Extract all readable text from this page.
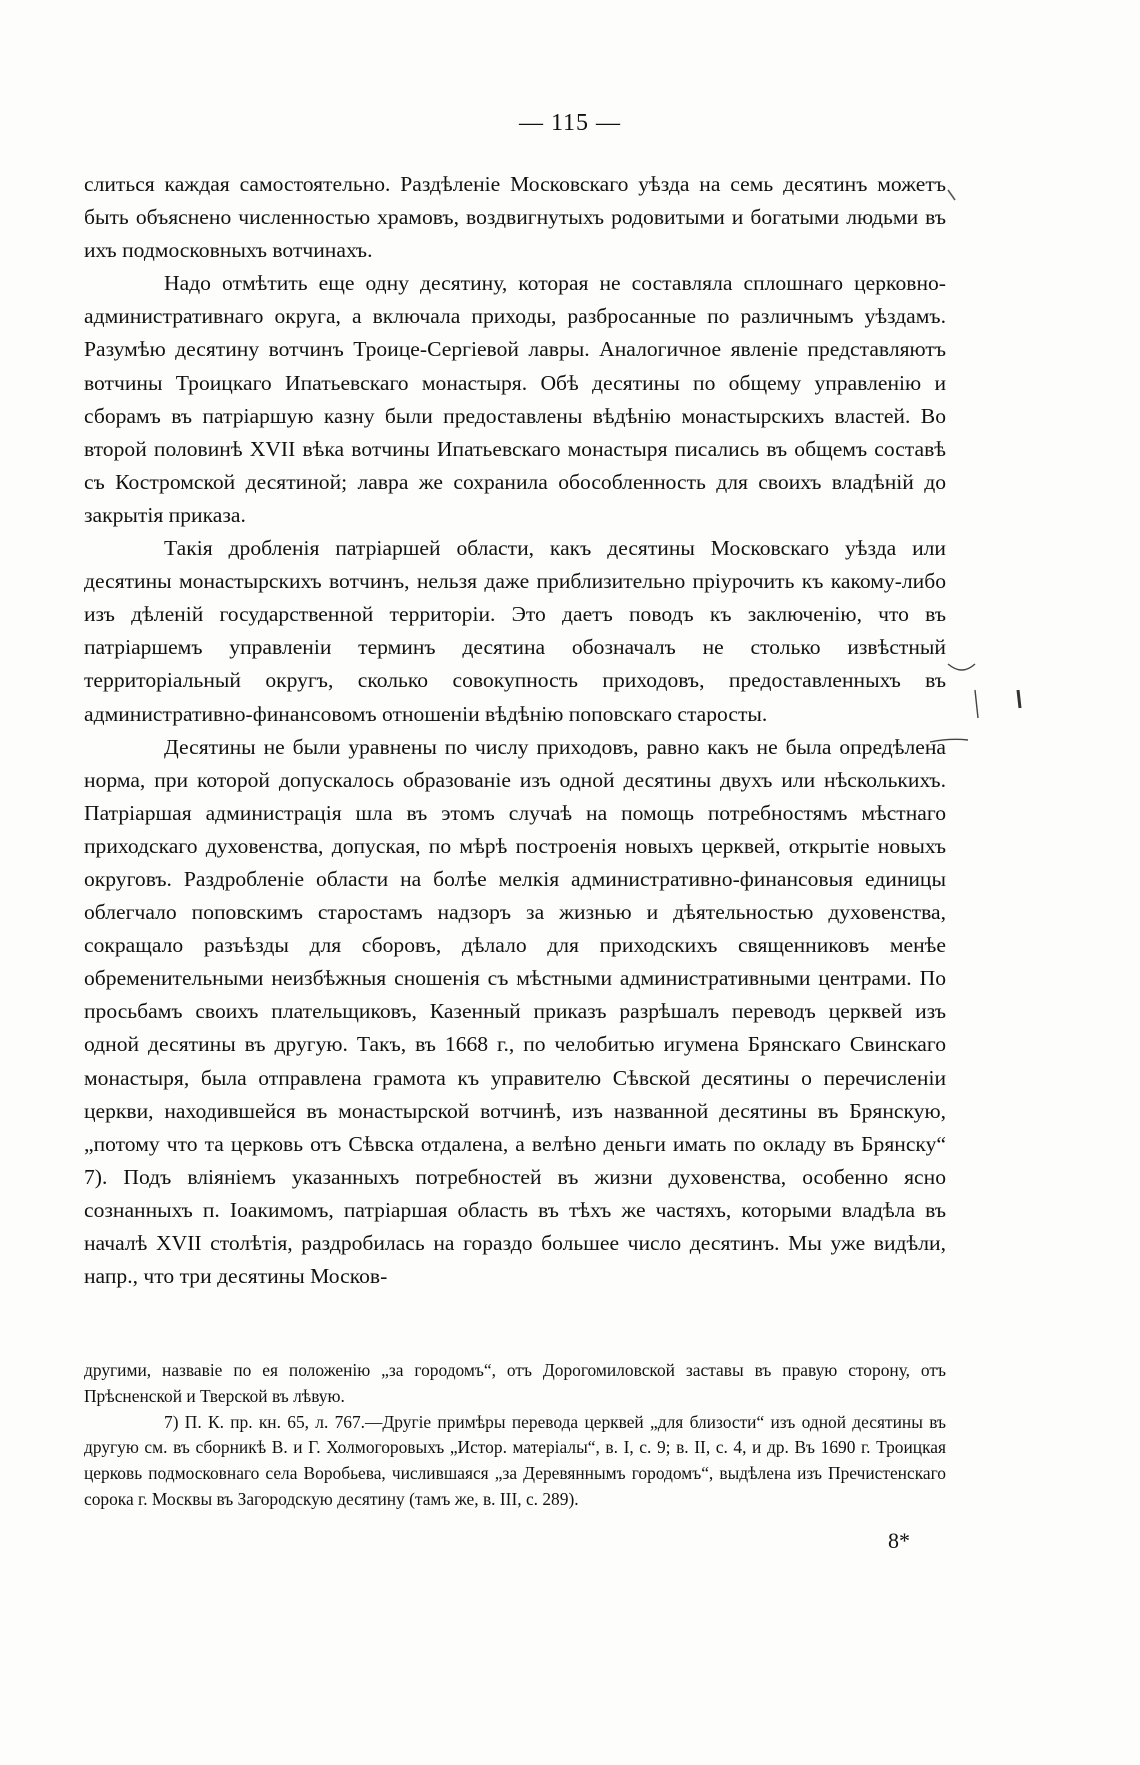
— 115 —

слиться каждая самостоятельно. Раздѣленіе Московскаго уѣзда на семь десятинъ можетъ быть объяснено численностью храмовъ, воздвигнутыхъ родовитыми и богатыми людьми въ ихъ подмосковныхъ вотчинахъ.

Надо отмѣтить еще одну десятину, которая не составляла сплошнаго церковно-административнаго округа, а включала приходы, разбросанные по различнымъ уѣздамъ. Разумѣю десятину вотчинъ Троице-Сергіевой лавры. Аналогичное явленіе представляютъ вотчины Троицкаго Ипатьевскаго монастыря. Обѣ десятины по общему управленію и сборамъ въ патріаршую казну были предоставлены вѣдѣнію монастырскихъ властей. Во второй половинѣ XVII вѣка вотчины Ипатьевскаго монастыря писались въ общемъ составѣ съ Костромской десятиной; лавра же сохранила обособленность для своихъ владѣній до закрытія приказа.

Такія дробленія патріаршей области, какъ десятины Московскаго уѣзда или десятины монастырскихъ вотчинъ, нельзя даже приблизительно пріурочить къ какому-либо изъ дѣленій государственной территоріи. Это даетъ поводъ къ заключенію, что въ патріаршемъ управленіи терминъ десятина обозначалъ не столько извѣстный территоріальный округъ, сколько совокупность приходовъ, предоставленныхъ въ административно-финансовомъ отношеніи вѣдѣнію поповскаго старосты.

Десятины не были уравнены по числу приходовъ, равно какъ не была опредѣлена норма, при которой допускалось образованіе изъ одной десятины двухъ или нѣсколькихъ. Патріаршая администрація шла въ этомъ случаѣ на помощь потребностямъ мѣстнаго приходскаго духовенства, допуская, по мѣрѣ построенія новыхъ церквей, открытіе новыхъ округовъ. Раздробленіе области на болѣе мелкія административно-финансовыя единицы облегчало поповскимъ старостамъ надзоръ за жизнью и дѣятельностью духовенства, сокращало разъѣзды для сборовъ, дѣлало для приходскихъ священниковъ менѣе обременительными неизбѣжныя сношенія съ мѣстными административными центрами. По просьбамъ своихъ плательщиковъ, Казенный приказъ разрѣшалъ переводъ церквей изъ одной десятины въ другую. Такъ, въ 1668 г., по челобитью игумена Брянскаго Свинскаго монастыря, была отправлена грамота къ управителю Сѣвской десятины о перечисленіи церкви, находившейся въ монастырской вотчинѣ, изъ названной десятины въ Брянскую, „потому что та церковь отъ Сѣвска отдалена, а велѣно деньги имать по окладу въ Брянску“ 7). Подъ вліяніемъ указанныхъ потребностей въ жизни духовенства, особенно ясно сознанныхъ п. Іоакимомъ, патріаршая область въ тѣхъ же частяхъ, которыми владѣла въ началѣ XVII столѣтія, раздробилась на гораздо большее число десятинъ. Мы уже видѣли, напр., что три десятины Москов-

другими, назвавіе по ея положенію „за городомъ“, отъ Дорогомиловской заставы въ правую сторону, отъ Прѣсненской и Тверской въ лѣвую.

7) П. К. пр. кн. 65, л. 767.—Другіе примѣры перевода церквей „для близости“ изъ одной десятины въ другую см. въ сборникѣ В. и Г. Холмогоровыхъ „Истор. матеріалы“, в. I, с. 9; в. II, с. 4, и др. Въ 1690 г. Троицкая церковь подмосковнаго села Воробьева, числившаяся „за Деревяннымъ городомъ“, выдѣлена изъ Пречистенскаго сорока г. Москвы въ Загородскую десятину (тамъ же, в. III, с. 289).

8*
